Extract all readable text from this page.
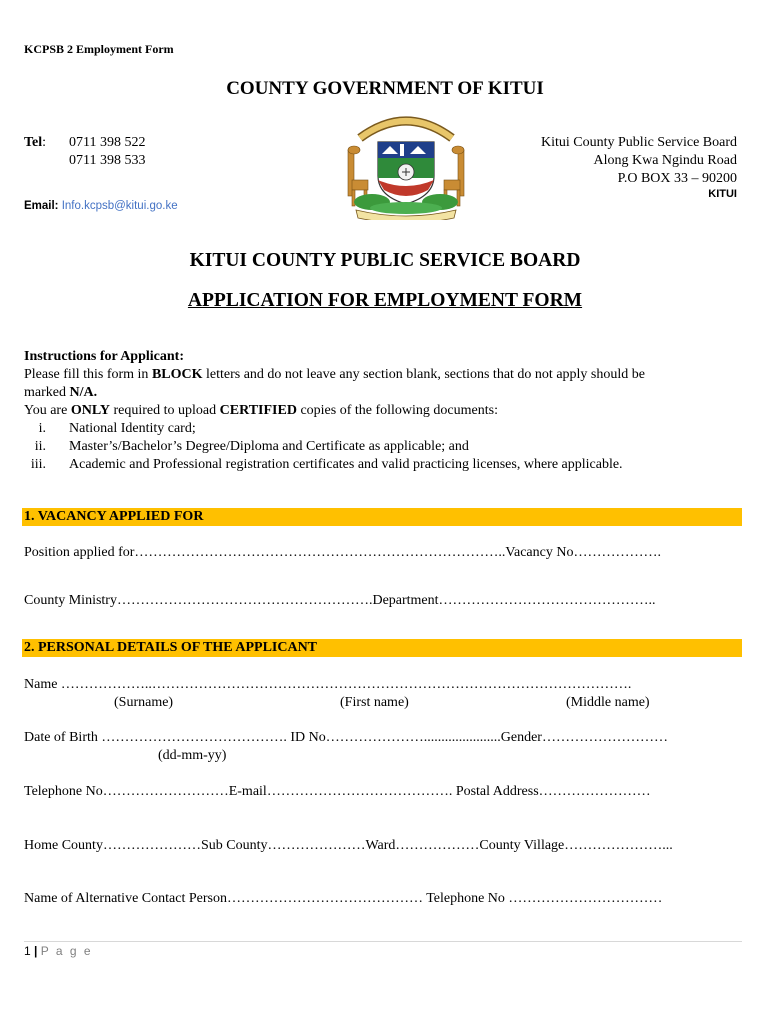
KCPSB 2 Employment Form
COUNTY GOVERNMENT OF KITUI
Tel: 0711 398 522
0711 398 533
Kitui County Public Service Board
Along Kwa Ngindu Road
P.O BOX 33 – 90200
KITUI
Email: Info.kcpsb@kitui.go.ke
KITUI COUNTY PUBLIC SERVICE BOARD
APPLICATION FOR EMPLOYMENT FORM
Instructions for Applicant:
Please fill this form in BLOCK letters and do not leave any section blank, sections that do not apply should be
marked N/A.
You are ONLY required to upload CERTIFIED copies of the following documents:
i. National Identity card;
ii. Master’s/Bachelor’s Degree/Diploma and Certificate as applicable; and
iii. Academic and Professional registration certificates and valid practicing licenses, where applicable.
1. VACANCY APPLIED FOR
Position applied for……………………………………………………………………..Vacancy No……………….
County Ministry……………………………………………….Department………………………………………..
2. PERSONAL DETAILS OF THE APPLICANT
Name ………………..………………………………………………………………………………………….
(Surname)	(First name)	(Middle name)
Date of Birth …………………………………. ID No…………………......................Gender………………………
(dd-mm-yy)
Telephone No………………………E-mail…………………………………. Postal Address……………………
Home County…………………Sub County…………………Ward………………County Village…………………...
Name of Alternative Contact Person…………………………………… Telephone No ……………………………
1 | P a g e
